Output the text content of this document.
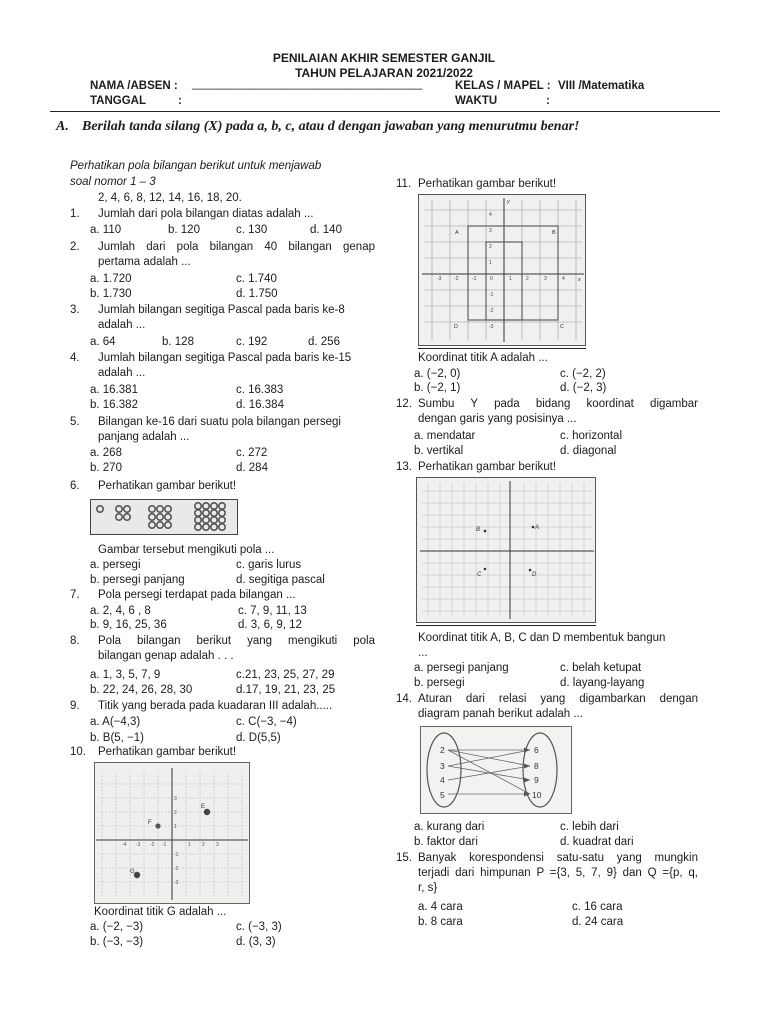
PENILAIAN AKHIR SEMESTER GANJIL
TAHUN PELAJARAN 2021/2022
NAMA /ABSEN : ____________________________________	KELAS / MAPEL : VIII /Matematika
TANGGAL	:	WAKTU	:
A. Berilah tanda silang (X) pada a, b, c, atau d dengan jawaban yang menurutmu benar!
Perhatikan pola bilangan berikut untuk menjawab
soal nomor 1 – 3
2, 4, 6, 8, 12, 14, 16, 18, 20.
1. Jumlah dari pola bilangan diatas adalah ...
a. 110	b. 120	c. 130	d. 140
2. Jumlah dari pola bilangan 40 bilangan genap
pertama adalah ...
a. 1.720	c. 1.740
b. 1.730	d. 1.750
3. Jumlah bilangan segitiga Pascal pada baris ke-8
adalah ...
a. 64	b. 128	c. 192	d. 256
4. Jumlah bilangan segitiga Pascal pada baris ke-15
adalah ...
a. 16.381	c. 16.383
b. 16.382	d. 16.384
5. Bilangan ke-16 dari suatu pola bilangan persegi
panjang adalah ...
a. 268	c. 272
b. 270	d. 284
6. Perhatikan gambar berikut!
Gambar tersebut mengikuti pola ...
a. persegi	c. garis lurus
b. persegi panjang	d. segitiga pascal
7. Pola persegi terdapat pada bilangan ...
a. 2, 4, 6 , 8	c. 7, 9, 11, 13
b. 9, 16, 25, 36	d. 3, 6, 9, 12
8. Pola bilangan berikut yang mengikuti pola
bilangan genap adalah . . .
a. 1, 3, 5, 7, 9	c.21, 23, 25, 27, 29
b. 22, 24, 26, 28, 30	d.17, 19, 21, 23, 25
9. Titik yang berada pada kuadaran III adalah.....
a. A(−4,3)	c. C(−3, −4)
b. B(5, −1)	d. D(5,5)
10. Perhatikan gambar berikut!
-4 -3 -2 -1	1 2 3
1
2
3
-1
-2
-3
F
E
G
Koordinat titik G adalah ...
a. (−2, −3)	c. (−3, 3)
b. (−3, −3)	d. (3, 3)
11. Perhatikan gambar berikut!
-3	-2	-1	0	1	2	3	4
4
3
2
1
-1
-2
-3
A	B
C
D
y
x
Koordinat titik A adalah ...
a. (−2, 0)	c. (−2, 2)
b. (−2, 1)	d. (−2, 3)
12. Sumbu Y pada bidang koordinat digambar
dengan garis yang posisinya ...
a. mendatar	c. horizontal
b. vertikal	d. diagonal
13. Perhatikan gambar berikut!
B	A
C	D
Koordinat titik A, B, C dan D membentuk bangun
...
a. persegi panjang	c. belah ketupat
b. persegi	d. layang-layang
14. Aturan dari relasi yang digambarkan dengan
diagram panah berikut adalah ...
2
3
4
5
6
8
9
10
a. kurang dari	c. lebih dari
b. faktor dari	d. kuadrat dari
15. Banyak korespondensi satu-satu yang mungkin
terjadi dari himpunan P ={3, 5, 7, 9} dan Q ={p, q,
r, s}
a. 4 cara	c. 16 cara
b. 8 cara	d. 24 cara
